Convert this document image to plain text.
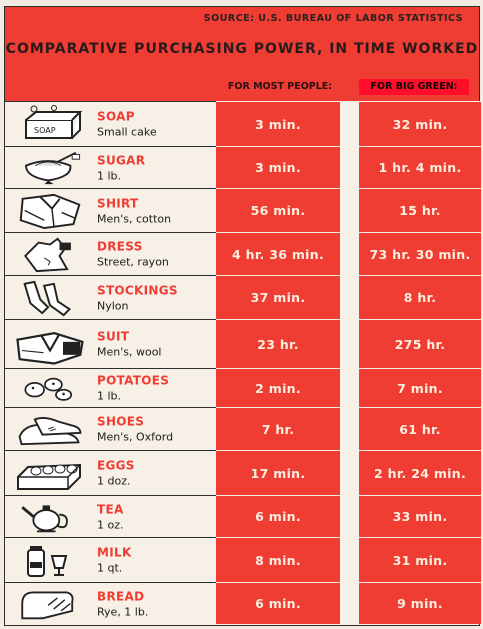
SOURCE: U.S. BUREAU OF LABOR STATISTICS
COMPARATIVE PURCHASING POWER, IN TIME WORKED
FOR MOST PEOPLE:	FOR BIG GREEN:
SOAP
SOAP
Small cake
3 min.	32 min.
SUGAR
1 lb.
3 min.	1 hr. 4 min.
SHIRT
Men's, cotton
56 min.	15 hr.
DRESS
Street, rayon
4 hr. 36 min.	73 hr. 30 min.
STOCKINGS
Nylon
37 min.	8 hr.
SUIT
Men's, wool
23 hr.	275 hr.
POTATOES
1 lb.
2 min.	7 min.
SHOES
Men's, Oxford
7 hr.	61 hr.
EGGS
1 doz.
17 min.	2 hr. 24 min.
TEA
1 oz.
6 min.	33 min.
MILK
1 qt.
8 min.	31 min.
BREAD
Rye, 1 lb.
6 min.	9 min.
